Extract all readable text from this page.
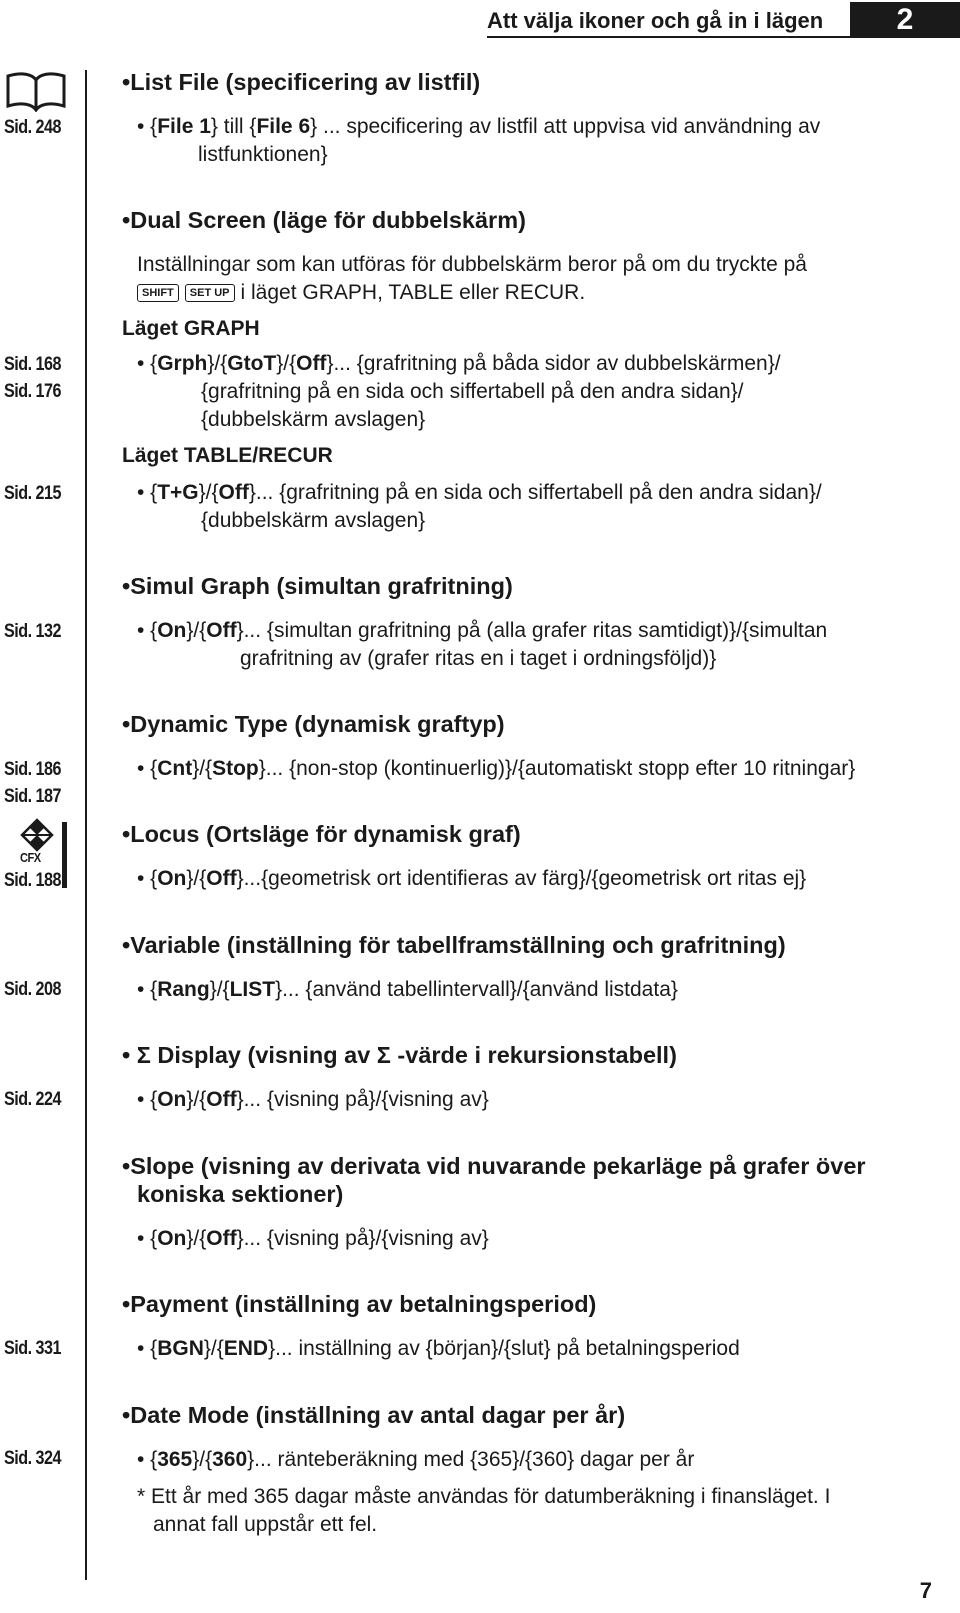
Att välja ikoner och gå in i lägen	2
Sid. 248
Sid. 168
Sid. 176
Sid. 215
Sid. 132
Sid. 186
Sid. 187
CFX
Sid. 188
Sid. 208
Sid. 224
Sid. 331
Sid. 324
•List File (specificering av listfil)
• {File 1} till {File 6} ... specificering av listfil att uppvisa vid användning av
listfunktionen}
•Dual Screen (läge för dubbelskärm)
Inställningar som kan utföras för dubbelskärm beror på om du tryckte på
SHIFT SET UP i läget GRAPH, TABLE eller RECUR.
Läget GRAPH
• {Grph}/{GtoT}/{Off}... {grafritning på båda sidor av dubbelskärmen}/
{grafritning på en sida och siffertabell på den andra sidan}/
{dubbelskärm avslagen}
Läget TABLE/RECUR
• {T+G}/{Off}... {grafritning på en sida och siffertabell på den andra sidan}/
{dubbelskärm avslagen}
•Simul Graph (simultan grafritning)
• {On}/{Off}... {simultan grafritning på (alla grafer ritas samtidigt)}/{simultan
grafritning av (grafer ritas en i taget i ordningsföljd)}
•Dynamic Type (dynamisk graftyp)
• {Cnt}/{Stop}... {non-stop (kontinuerlig)}/{automatiskt stopp efter 10 ritningar}
•Locus (Ortsläge för dynamisk graf)
• {On}/{Off}...{geometrisk ort identifieras av färg}/{geometrisk ort ritas ej}
•Variable (inställning för tabellframställning och grafritning)
• {Rang}/{LIST}... {använd tabellintervall}/{använd listdata}
• Σ Display (visning av Σ -värde i rekursionstabell)
• {On}/{Off}... {visning på}/{visning av}
•Slope (visning av derivata vid nuvarande pekarläge på grafer över
koniska sektioner)
• {On}/{Off}... {visning på}/{visning av}
•Payment (inställning av betalningsperiod)
• {BGN}/{END}... inställning av {början}/{slut} på betalningsperiod
•Date Mode (inställning av antal dagar per år)
• {365}/{360}... ränteberäkning med {365}/{360} dagar per år
* Ett år med 365 dagar måste användas för datumberäkning i finansläget. I
annat fall uppstår ett fel.
7
